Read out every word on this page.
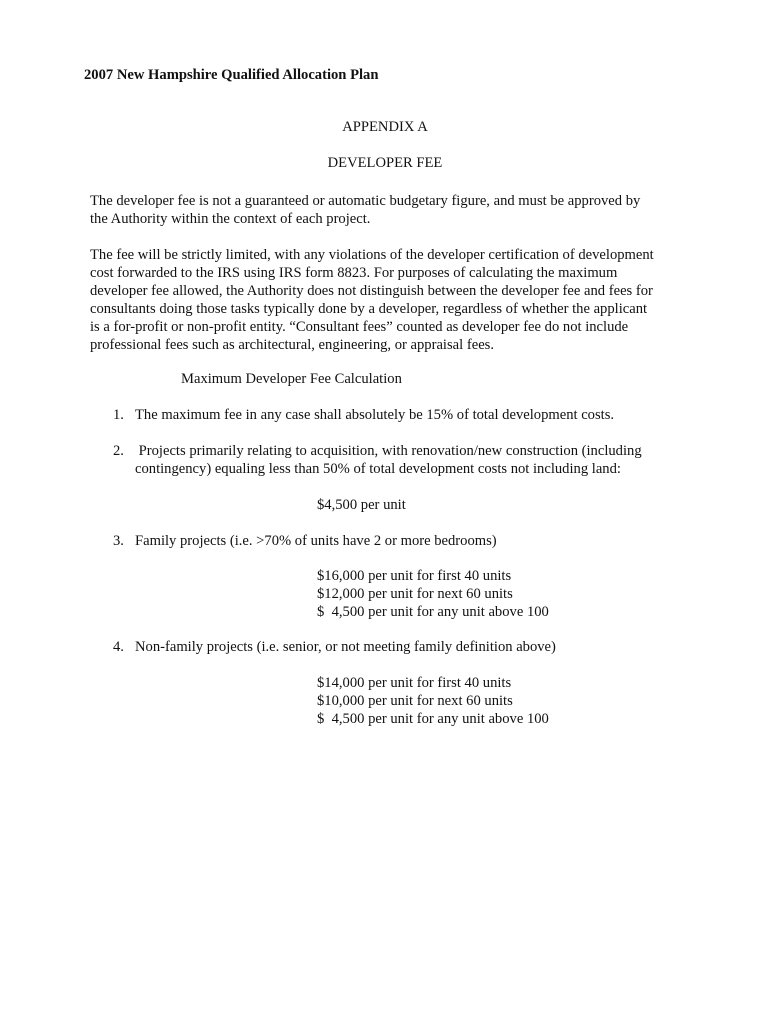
2007 New Hampshire Qualified Allocation Plan
APPENDIX A
DEVELOPER FEE
The developer fee is not a guaranteed or automatic budgetary figure, and must be approved by
the Authority within the context of each project.
The fee will be strictly limited, with any violations of the developer certification of development
cost forwarded to the IRS using IRS form 8823. For purposes of calculating the maximum
developer fee allowed, the Authority does not distinguish between the developer fee and fees for
consultants doing those tasks typically done by a developer, regardless of whether the applicant
is a for-profit or non-profit entity. “Consultant fees” counted as developer fee do not include
professional fees such as architectural, engineering, or appraisal fees.
Maximum Developer Fee Calculation
1. The maximum fee in any case shall absolutely be 15% of total development costs.
2. Projects primarily relating to acquisition, with renovation/new construction (including
contingency) equaling less than 50% of total development costs not including land:
$4,500 per unit
3. Family projects (i.e. >70% of units have 2 or more bedrooms)
$16,000 per unit for first 40 units
$12,000 per unit for next 60 units
$  4,500 per unit for any unit above 100
4. Non-family projects (i.e. senior, or not meeting family definition above)
$14,000 per unit for first 40 units
$10,000 per unit for next 60 units
$  4,500 per unit for any unit above 100
